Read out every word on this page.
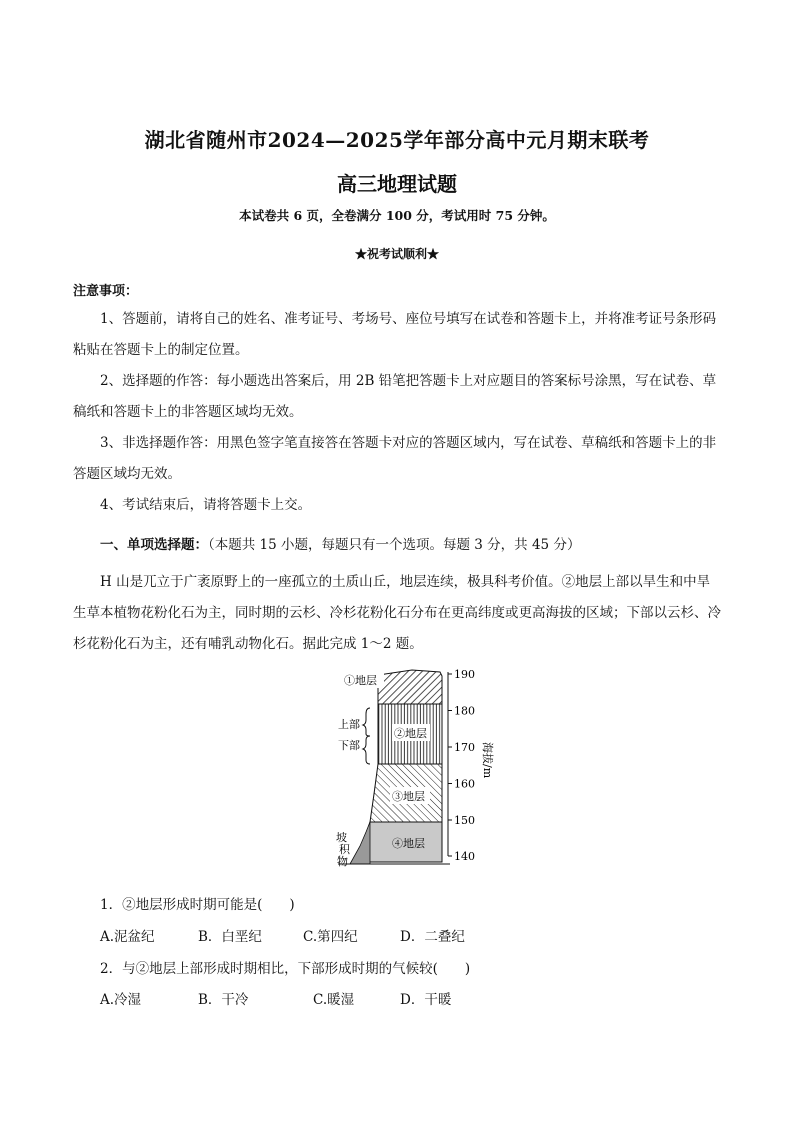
湖北省随州市2024—2025学年部分高中元月期末联考
高三地理试题
本试卷共 6 页，全卷满分 100 分，考试用时 75 分钟。
★祝考试顺利★
注意事项：

1、答题前，请将自己的姓名、准考证号、考场号、座位号填写在试卷和答题卡上，并将准考证号条形码粘贴在答题卡上的制定位置。

2、选择题的作答：每小题选出答案后，用 2B 铅笔把答题卡上对应题目的答案标号涂黑，写在试卷、草稿纸和答题卡上的非答题区域均无效。

3、非选择题作答：用黑色签字笔直接答在答题卡对应的答题区域内，写在试卷、草稿纸和答题卡上的非答题区域均无效。

4、考试结束后，请将答题卡上交。

一、单项选择题：（本题共 15 小题，每题只有一个选项。每题 3 分，共 45 分）
H 山是兀立于广袤原野上的一座孤立的土质山丘，地层连续，极具科考价值。②地层上部以旱生和中旱生草本植物花粉化石为主，同时期的云杉、冷杉花粉化石分布在更高纬度或更高海拔的区域；下部以云杉、冷杉花粉化石为主，还有哺乳动物化石。据此完成 1～2 题。
190
180
170
160
150
140
海拔/m
①地层
②地层
③地层
④地层
上部
下部
坡
积
物
1．②地层形成时期可能是(　　)
A.泥盆纪	B．白垩纪	C.第四纪	D．二叠纪
2．与②地层上部形成时期相比，下部形成时期的气候较(　　)
A.冷湿	B．干冷	C.暖湿	D．干暖
